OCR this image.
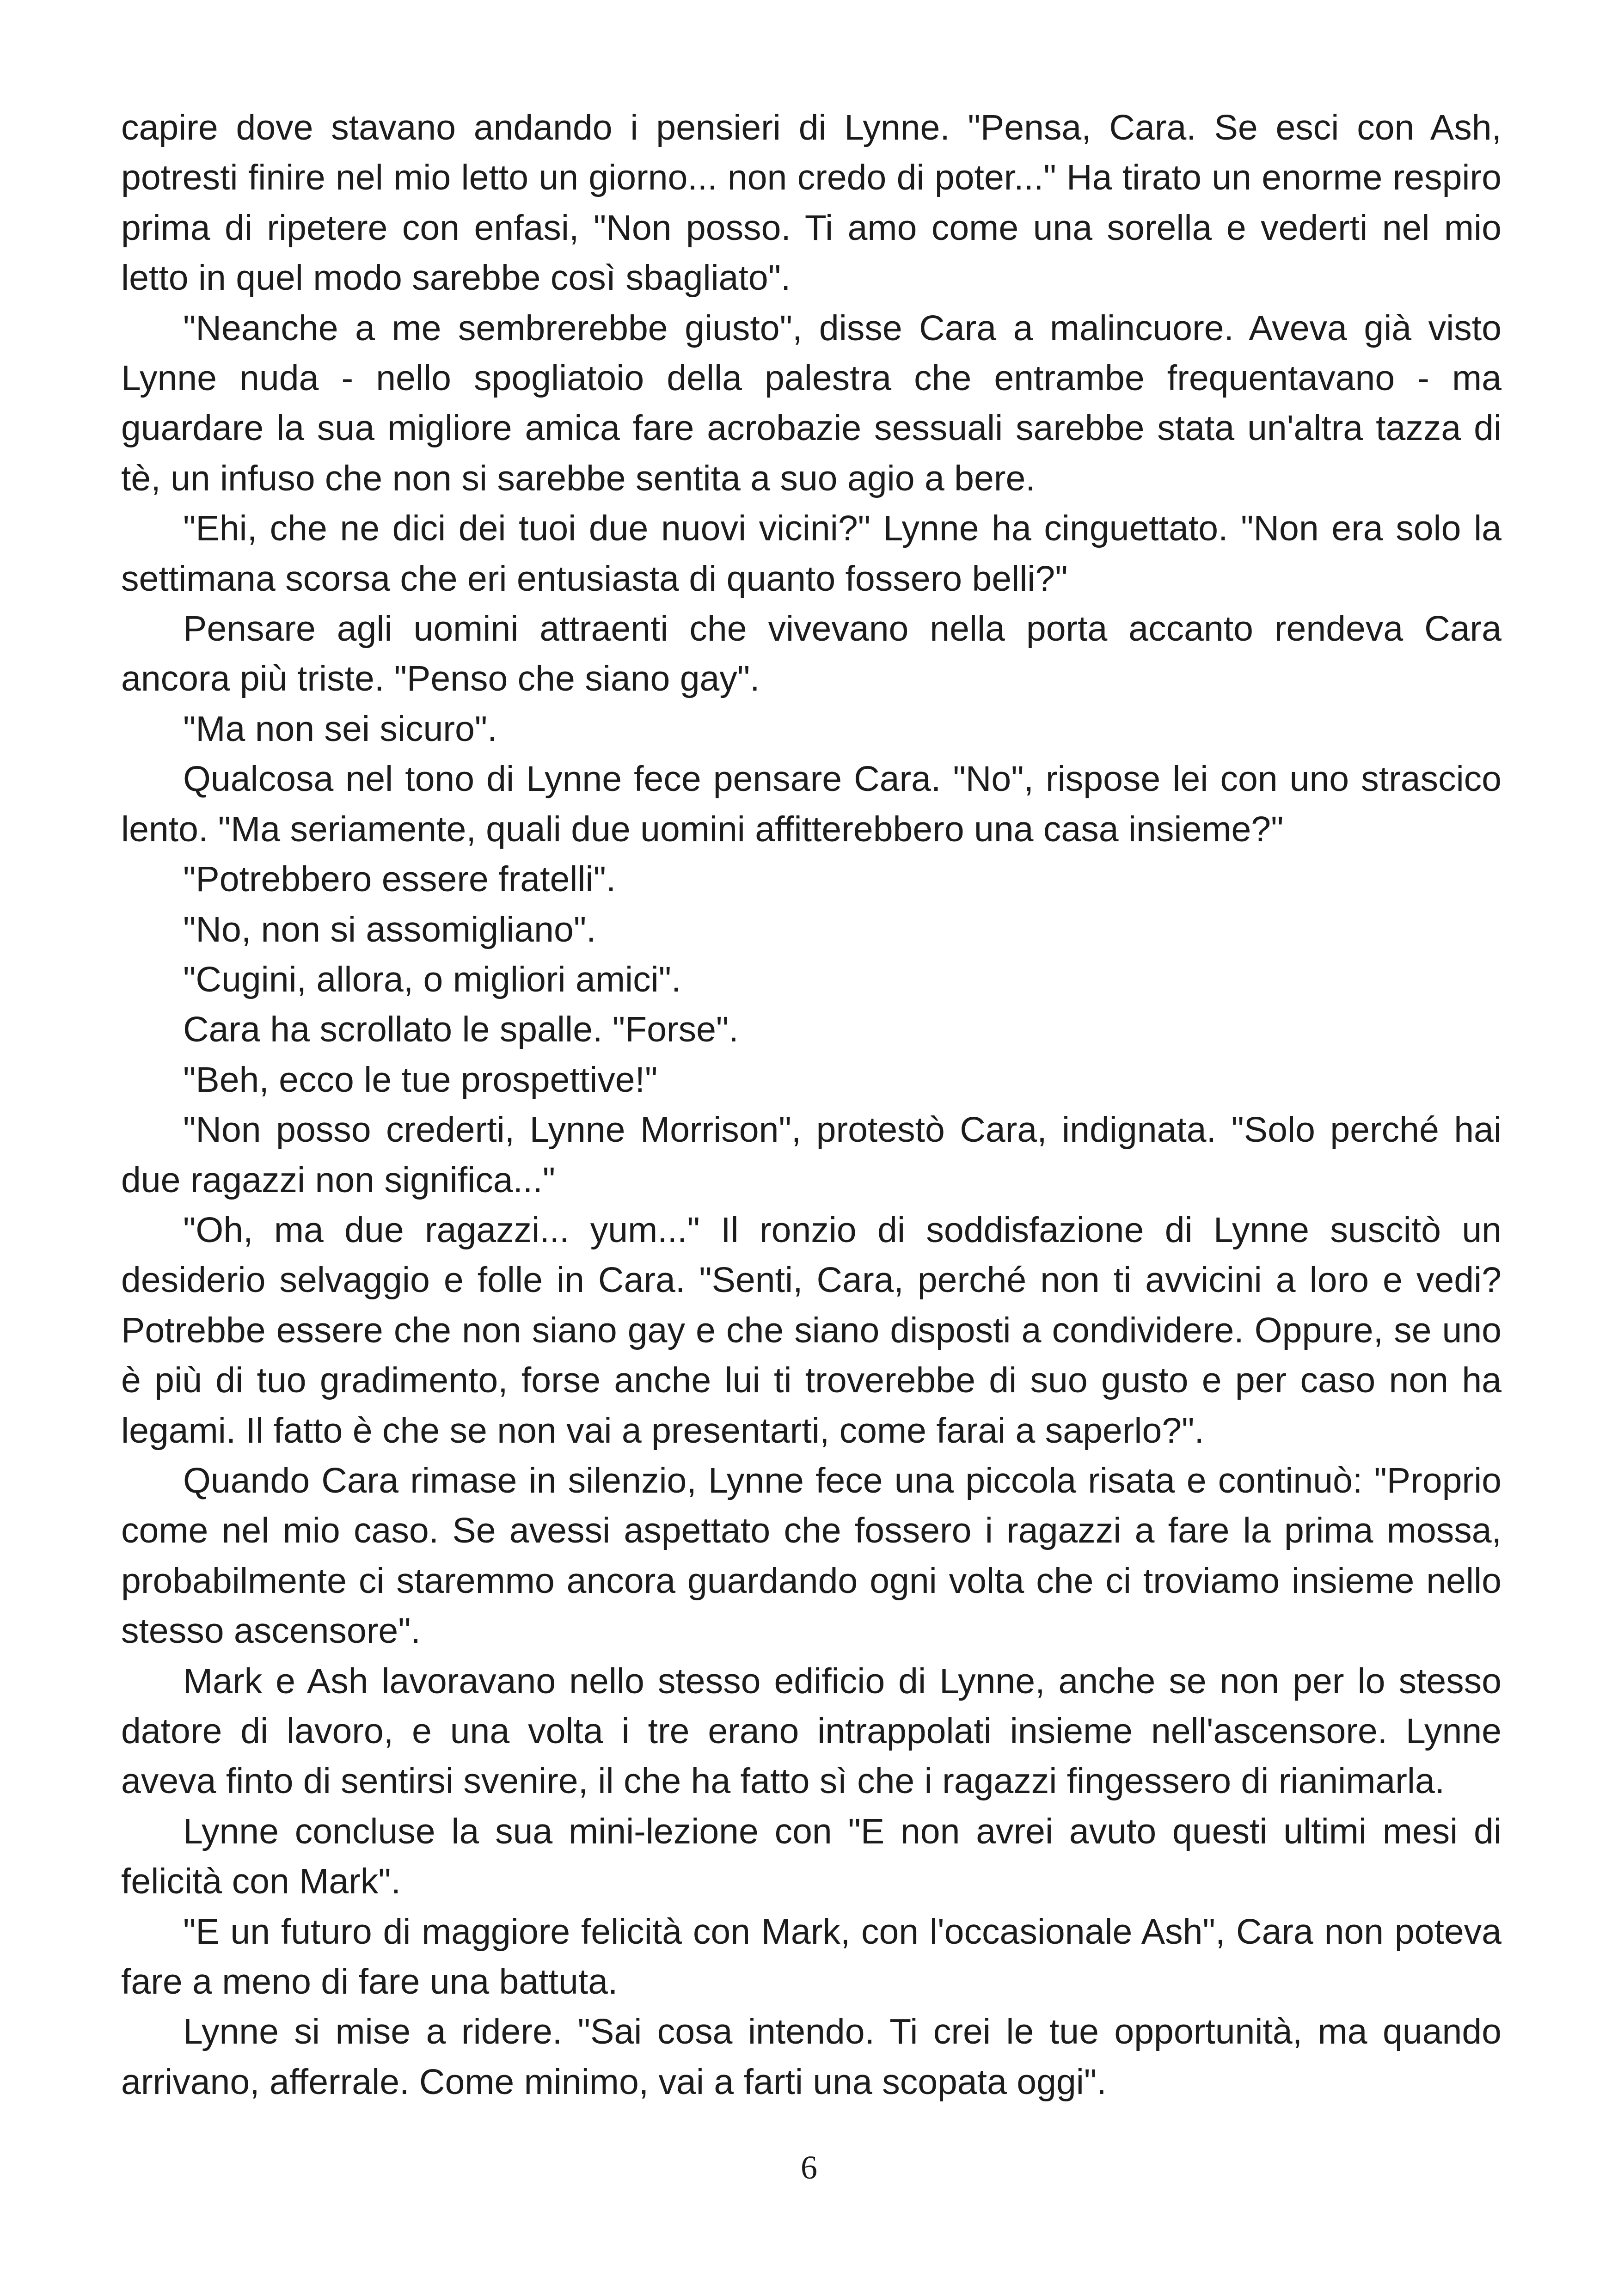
capire dove stavano andando i pensieri di Lynne. "Pensa, Cara. Se esci con Ash, potresti finire nel mio letto un giorno... non credo di poter..." Ha tirato un enorme respiro prima di ripetere con enfasi, "Non posso. Ti amo come una sorella e vederti nel mio letto in quel modo sarebbe così sbagliato".

"Neanche a me sembrerebbe giusto", disse Cara a malincuore. Aveva già visto Lynne nuda - nello spogliatoio della palestra che entrambe frequentavano - ma guardare la sua migliore amica fare acrobazie sessuali sarebbe stata un'altra tazza di tè, un infuso che non si sarebbe sentita a suo agio a bere.

"Ehi, che ne dici dei tuoi due nuovi vicini?" Lynne ha cinguettato. "Non era solo la settimana scorsa che eri entusiasta di quanto fossero belli?"

Pensare agli uomini attraenti che vivevano nella porta accanto rendeva Cara ancora più triste. "Penso che siano gay".

"Ma non sei sicuro".

Qualcosa nel tono di Lynne fece pensare Cara. "No", rispose lei con uno strascico lento. "Ma seriamente, quali due uomini affitterebbero una casa insieme?"

"Potrebbero essere fratelli".

"No, non si assomigliano".

"Cugini, allora, o migliori amici".

Cara ha scrollato le spalle. "Forse".

"Beh, ecco le tue prospettive!"

"Non posso crederti, Lynne Morrison", protestò Cara, indignata. "Solo perché hai due ragazzi non significa..."

"Oh, ma due ragazzi... yum..." Il ronzio di soddisfazione di Lynne suscitò un desiderio selvaggio e folle in Cara. "Senti, Cara, perché non ti avvicini a loro e vedi? Potrebbe essere che non siano gay e che siano disposti a condividere. Oppure, se uno è più di tuo gradimento, forse anche lui ti troverebbe di suo gusto e per caso non ha legami. Il fatto è che se non vai a presentarti, come farai a saperlo?".

Quando Cara rimase in silenzio, Lynne fece una piccola risata e continuò: "Proprio come nel mio caso. Se avessi aspettato che fossero i ragazzi a fare la prima mossa, probabilmente ci staremmo ancora guardando ogni volta che ci troviamo insieme nello stesso ascensore".

Mark e Ash lavoravano nello stesso edificio di Lynne, anche se non per lo stesso datore di lavoro, e una volta i tre erano intrappolati insieme nell'ascensore. Lynne aveva finto di sentirsi svenire, il che ha fatto sì che i ragazzi fingessero di rianimarla.

Lynne concluse la sua mini-lezione con "E non avrei avuto questi ultimi mesi di felicità con Mark".

"E un futuro di maggiore felicità con Mark, con l'occasionale Ash", Cara non poteva fare a meno di fare una battuta.

Lynne si mise a ridere. "Sai cosa intendo. Ti crei le tue opportunità, ma quando arrivano, afferrale. Come minimo, vai a farti una scopata oggi".

6
